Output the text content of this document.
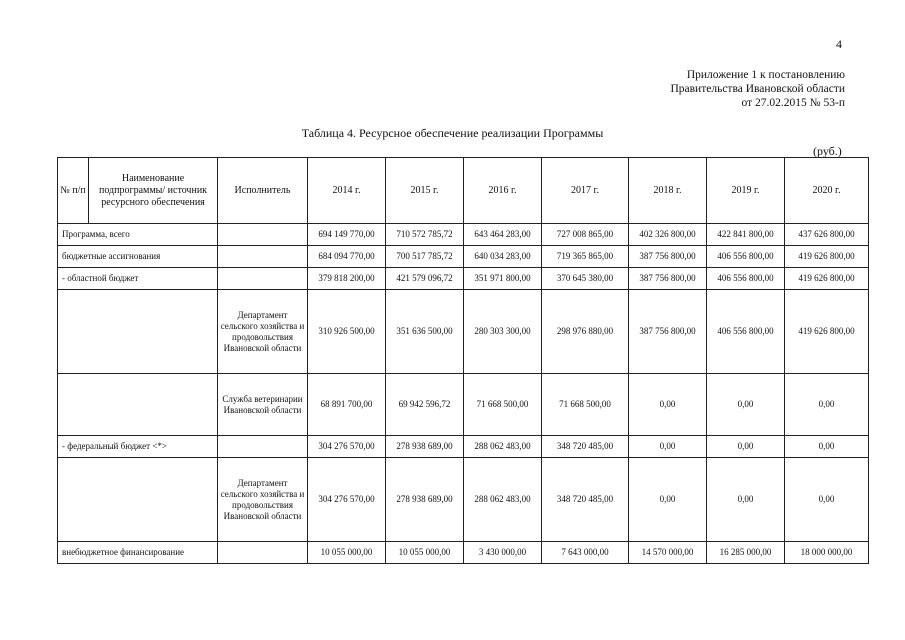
4
Приложение 1 к постановлению
Правительства Ивановской области
от 27.02.2015 № 53-п
Таблица 4. Ресурсное обеспечение реализации Программы
(руб.)
№ п/п	Наименование подпрограммы/ источник ресурсного обеспечения	Исполнитель	2014 г.	2015 г.	2016 г.	2017 г.	2018 г.	2019 г.	2020 г.
Программа, всего			694 149 770,00	710 572 785,72	643 464 283,00	727 008 865,00	402 326 800,00	422 841 800,00	437 626 800,00
бюджетные ассигнования			684 094 770,00	700 517 785,72	640 034 283,00	719 365 865,00	387 756 800,00	406 556 800,00	419 626 800,00
- областной бюджет			379 818 200,00	421 579 096,72	351 971 800,00	370 645 380,00	387 756 800,00	406 556 800,00	419 626 800,00
		Департамент сельского хозяйства и продовольствия Ивановской области	310 926 500,00	351 636 500,00	280 303 300,00	298 976 880,00	387 756 800,00	406 556 800,00	419 626 800,00
		Служба ветеринарии Ивановской области	68 891 700,00	69 942 596,72	71 668 500,00	71 668 500,00	0,00	0,00	0,00
- федеральный бюджет <*>			304 276 570,00	278 938 689,00	288 062 483,00	348 720 485,00	0,00	0,00	0,00
		Департамент сельского хозяйства и продовольствия Ивановской области	304 276 570,00	278 938 689,00	288 062 483,00	348 720 485,00	0,00	0,00	0,00
внебюджетное финансирование			10 055 000,00	10 055 000,00	3 430 000,00	7 643 000,00	14 570 000,00	16 285 000,00	18 000 000,00
